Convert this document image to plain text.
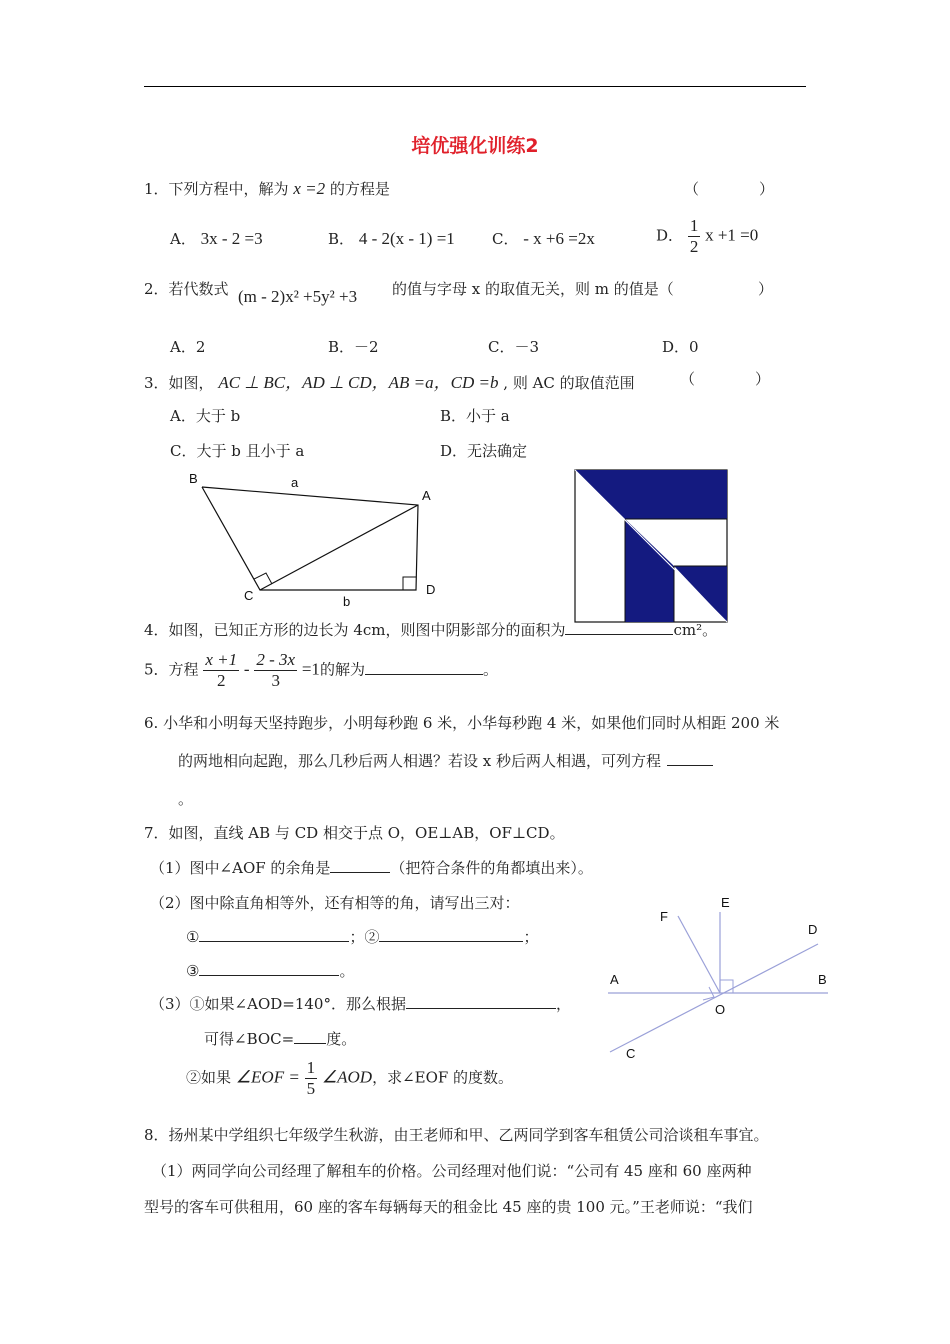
培优强化训练2
1．下列方程中，解为 x =2 的方程是	（　　　　）
A． 3x - 2 =3	B． 4 - 2(x - 1) =1 C． - x +6 =2x	D． $\frac{1}{2}$ x +1 =0
2．若代数式 (m - 2)x² +5y² +3 的值与字母 x 的取值无关，则 m 的值是（	）
A．2	B．－2	C．－3	D．0
3．如图， AC ⊥ BC，AD ⊥ CD，AB =a，CD =b , 则 AC 的取值范围	（　　　　）
A．大于 b	B．小于 a
C．大于 b 且小于 a	D．无法确定
B	a
A
C	b
D
4．如图，已知正方形的边长为 4cm，则图中阴影部分的面积为	cm²。
5．方程 $\frac{x +1}{2} - \frac{2 - 3x}{3} =1$的解为	。
6. 小华和小明每天坚持跑步，小明每秒跑 6 米，小华每秒跑 4 米，如果他们同时从相距 200 米
的两地相向起跑，那么几秒后两人相遇？若设 x 秒后两人相遇，可列方程
。
7．如图，直线 AB 与 CD 相交于点 O，OE⊥AB，OF⊥CD。
（1）图中∠AOF 的余角是	（把符合条件的角都填出来）。
（2）图中除直角相等外，还有相等的角，请写出三对：
①	；②	；
③	。
（3）①如果∠AOD=140°．那么根据	，
可得∠BOC= 度。
②如果 ∠EOF = $\frac{1}{5}$ ∠AOD，求∠EOF 的度数。
E
F
D
A	B
O
C
8．扬州某中学组织七年级学生秋游，由王老师和甲、乙两同学到客车租赁公司洽谈租车事宜。
（1）两同学向公司经理了解租车的价格。公司经理对他们说：“公司有 45 座和 60 座两种
型号的客车可供租用，60 座的客车每辆每天的租金比 45 座的贵 100 元。”王老师说：“我们
